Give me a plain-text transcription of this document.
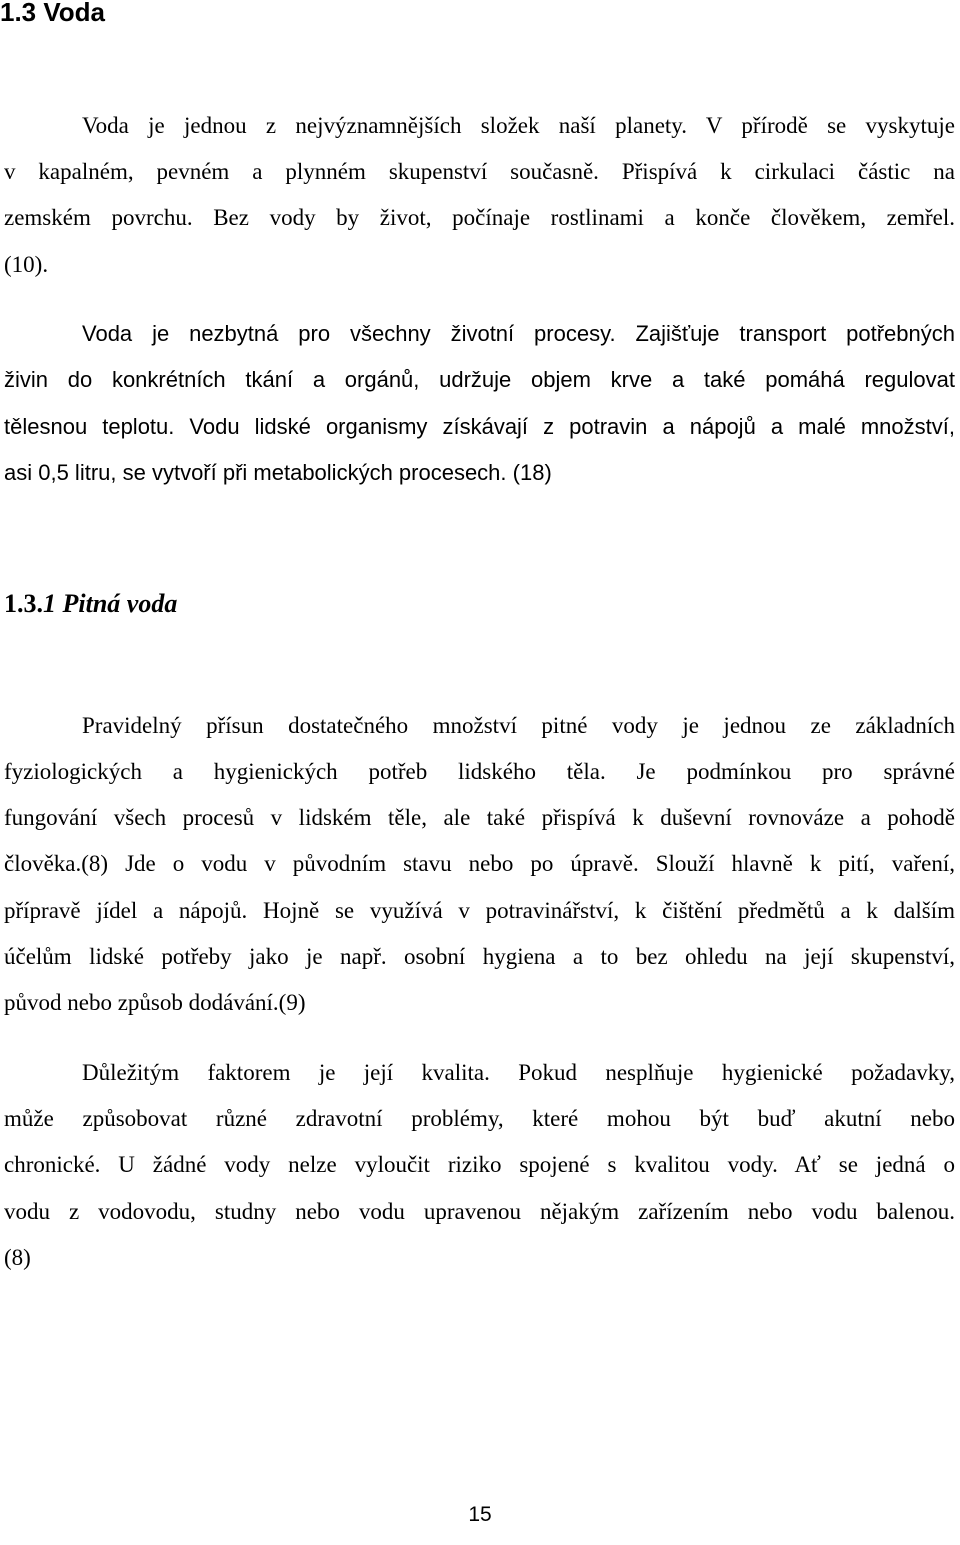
1.3 Voda

Voda je jednou z nejvýznamnějších složek naší planety. V přírodě se vyskytuje

v kapalném, pevném a plynném skupenství současně. Přispívá k cirkulaci částic na

zemském povrchu. Bez vody by život, počínaje rostlinami a konče člověkem, zemřel.

(10).

Voda je nezbytná pro všechny životní procesy. Zajišťuje transport potřebných

živin do konkrétních tkání a orgánů, udržuje objem krve a také pomáhá regulovat

tělesnou teplotu. Vodu lidské organismy získávají z potravin a nápojů a malé množství,

asi 0,5 litru, se vytvoří při metabolických procesech. (18)

1.3.1 Pitná voda

Pravidelný přísun dostatečného množství pitné vody je jednou ze základních

fyziologických a hygienických potřeb lidského těla. Je podmínkou pro správné

fungování všech procesů v lidském těle, ale také přispívá k duševní rovnováze a pohodě

člověka.(8) Jde o vodu v původním stavu nebo po úpravě. Slouží hlavně k pití, vaření,

přípravě jídel a nápojů. Hojně se využívá v potravinářství, k čištění předmětů a k dalším

účelům lidské potřeby jako je např. osobní hygiena a to bez ohledu na její skupenství,

původ nebo způsob dodávání.(9)

Důležitým faktorem je její kvalita. Pokud nesplňuje hygienické požadavky,

může způsobovat různé zdravotní problémy, které mohou být buď akutní nebo

chronické. U žádné vody nelze vyloučit riziko spojené s kvalitou vody. Ať se jedná o

vodu z vodovodu, studny nebo vodu upravenou nějakým zařízením nebo vodu balenou.

(8)

15
